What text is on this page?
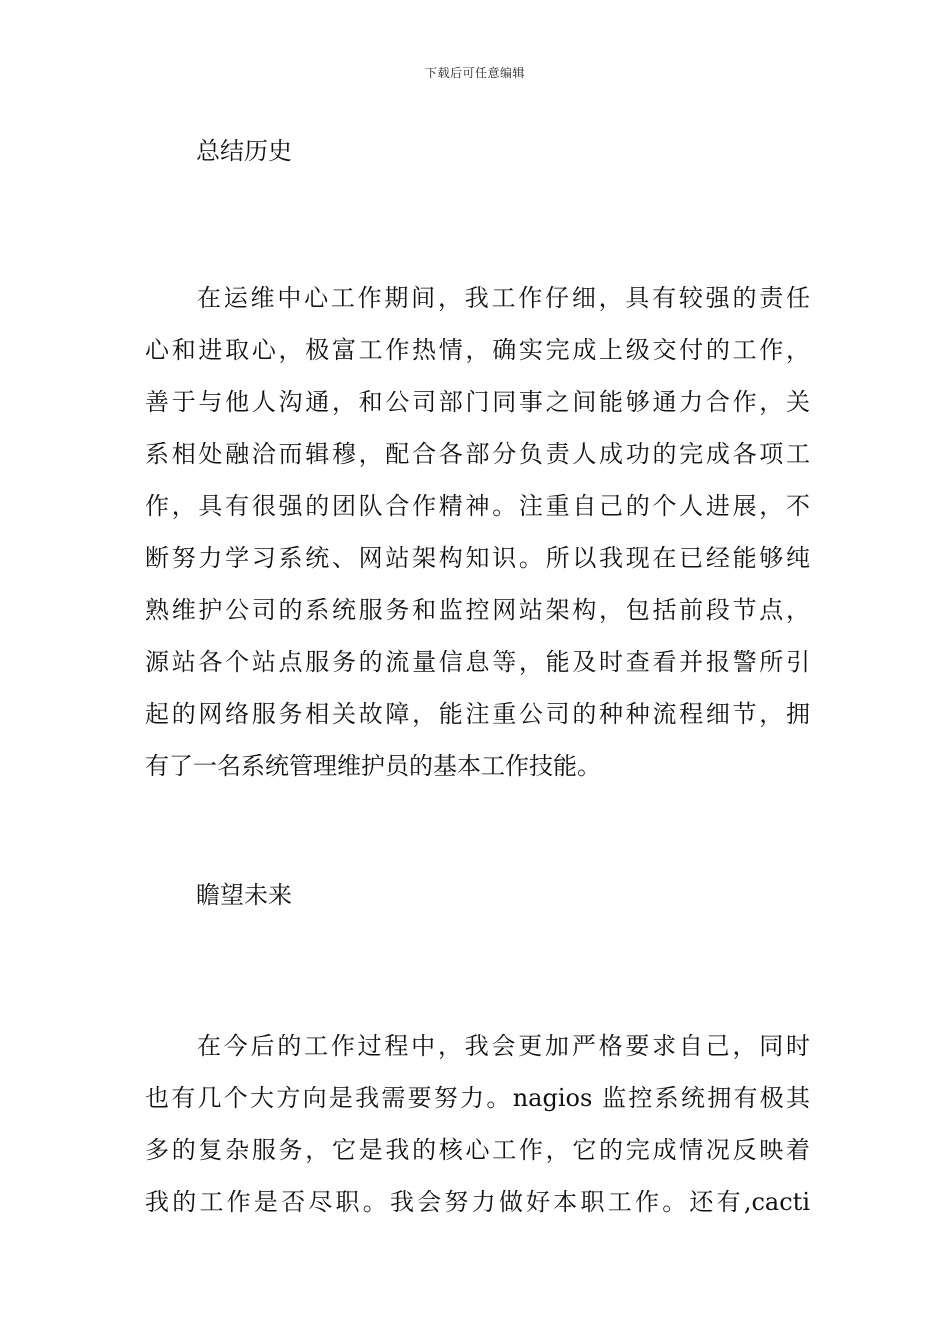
下载后可任意编辑
总结历史
在运维中心工作期间，我工作仔细，具有较强的责任
心和进取心，极富工作热情，确实完成上级交付的工作，
善于与他人沟通，和公司部门同事之间能够通力合作，关
系相处融洽而辑穆，配合各部分负责人成功的完成各项工
作，具有很强的团队合作精神。注重自己的个人进展，不
断努力学习系统、网站架构知识。所以我现在已经能够纯
熟维护公司的系统服务和监控网站架构，包括前段节点，
源站各个站点服务的流量信息等，能及时查看并报警所引
起的网络服务相关故障，能注重公司的种种流程细节，拥
有了一名系统管理维护员的基本工作技能。
瞻望未来
在今后的工作过程中，我会更加严格要求自己，同时
也有几个大方向是我需要努力。nagios 监控系统拥有极其
多的复杂服务，它是我的核心工作，它的完成情况反映着
我的工作是否尽职。我会努力做好本职工作。还有,cacti
